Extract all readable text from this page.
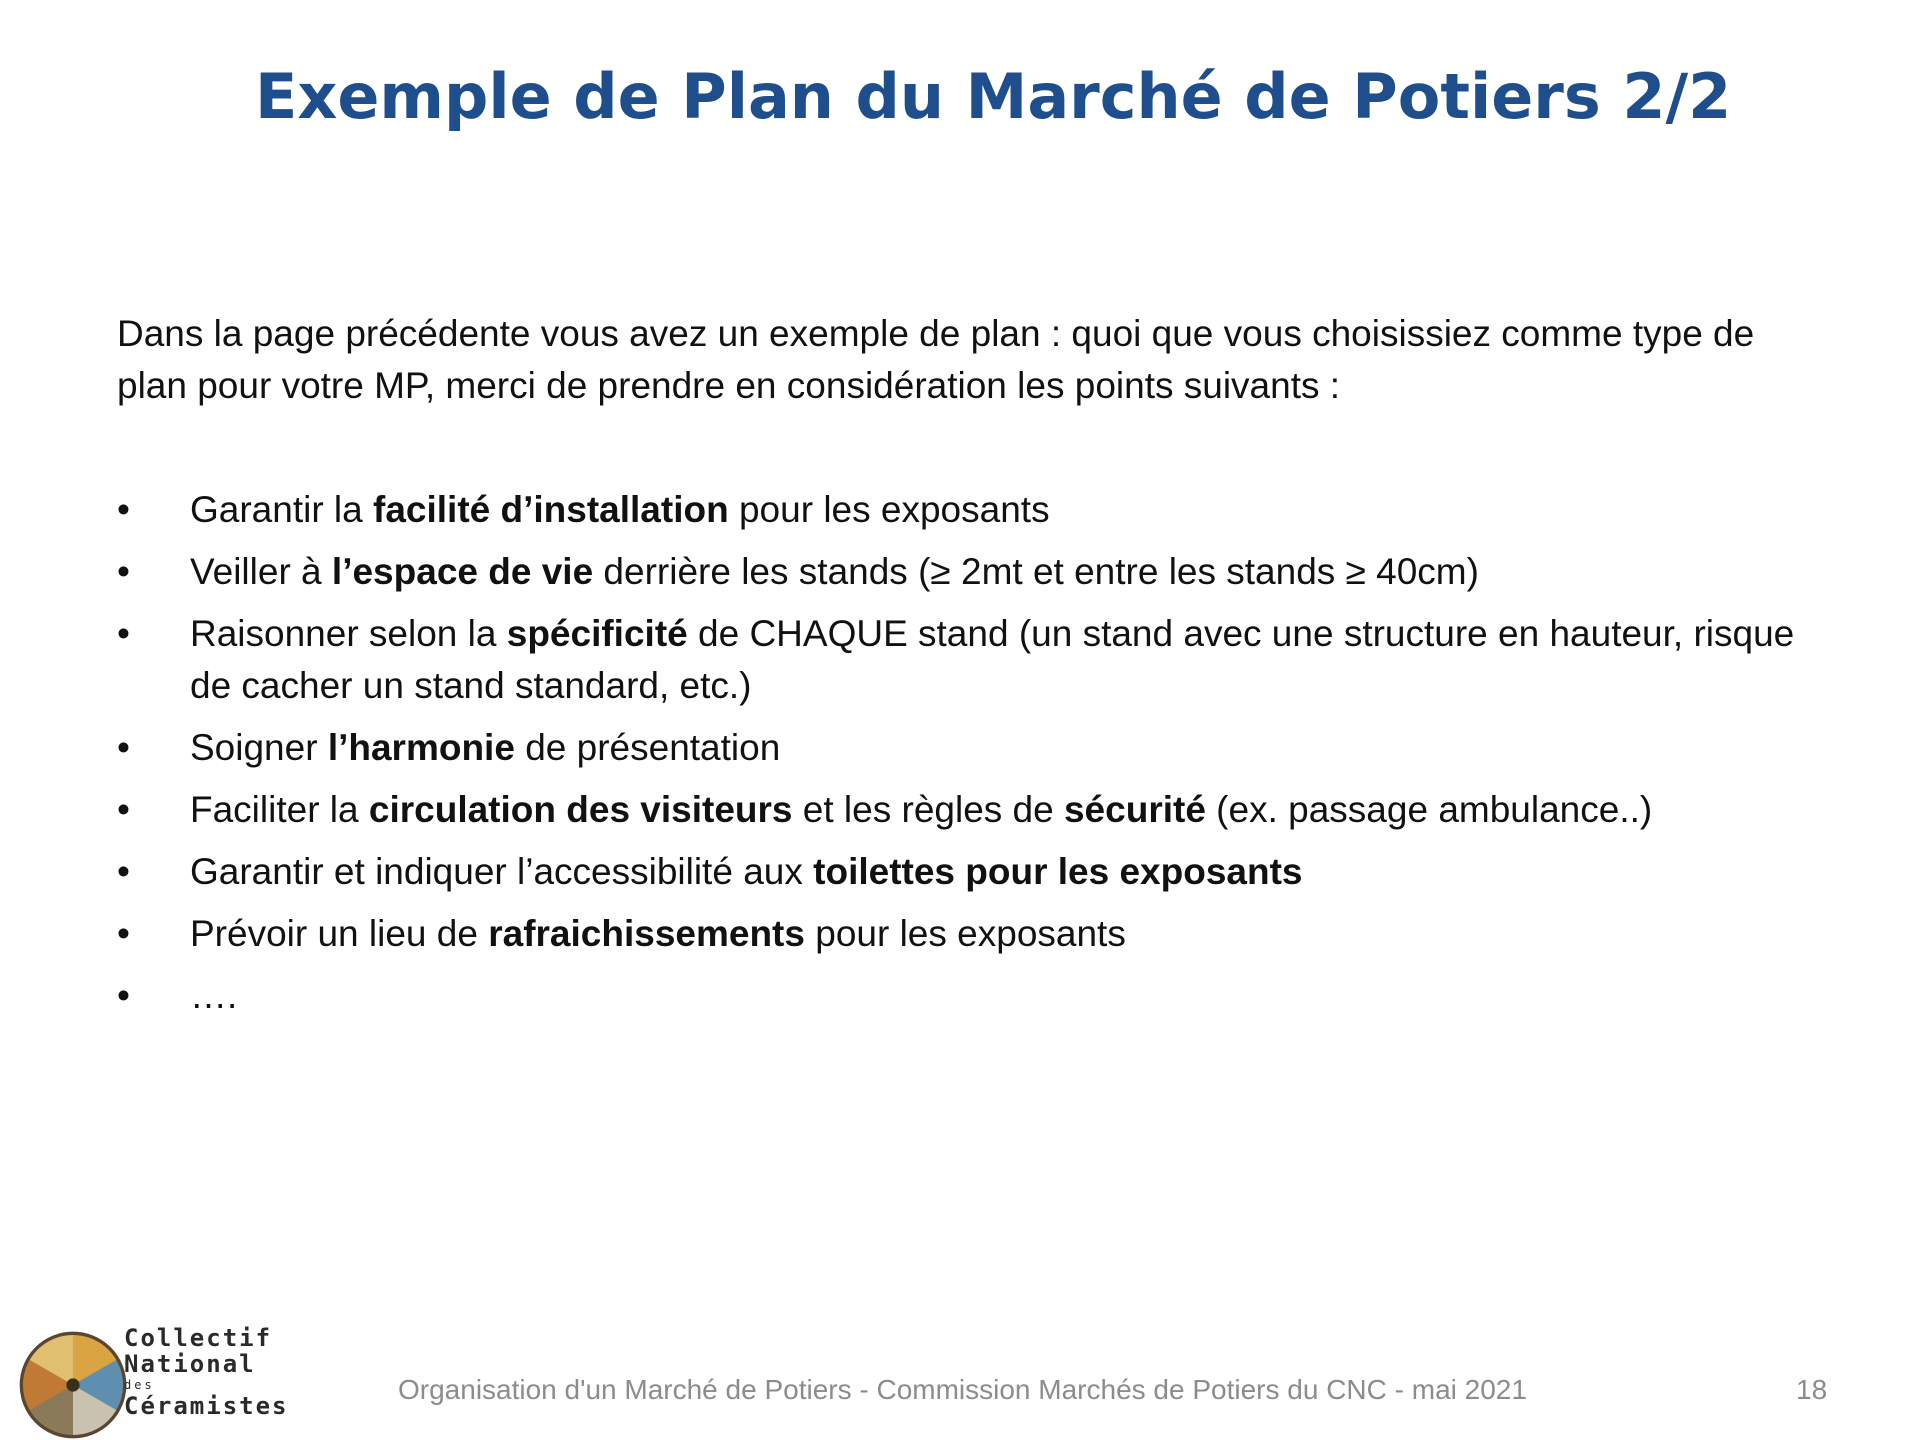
Exemple de Plan du Marché de Potiers 2/2

Dans la page précédente vous avez un exemple de plan : quoi que vous choisissiez comme type de plan pour votre MP, merci de prendre en considération les points suivants :

• Garantir la facilité d’installation pour les exposants
• Veiller à l’espace de vie derrière les stands (≥ 2mt et entre les stands ≥ 40cm)
• Raisonner selon la spécificité de CHAQUE stand (un stand avec une structure en hauteur, risque de cacher un stand standard, etc.)
• Soigner l’harmonie de présentation
• Faciliter la circulation des visiteurs et les règles de sécurité (ex. passage ambulance..)
• Garantir et indiquer l’accessibilité aux toilettes pour les exposants
• Prévoir un lieu de rafraichissements pour les exposants
• ….
Collectif
National
des
Céramistes
Organisation d'un Marché de Potiers - Commission Marchés de Potiers du CNC - mai 2021	18
